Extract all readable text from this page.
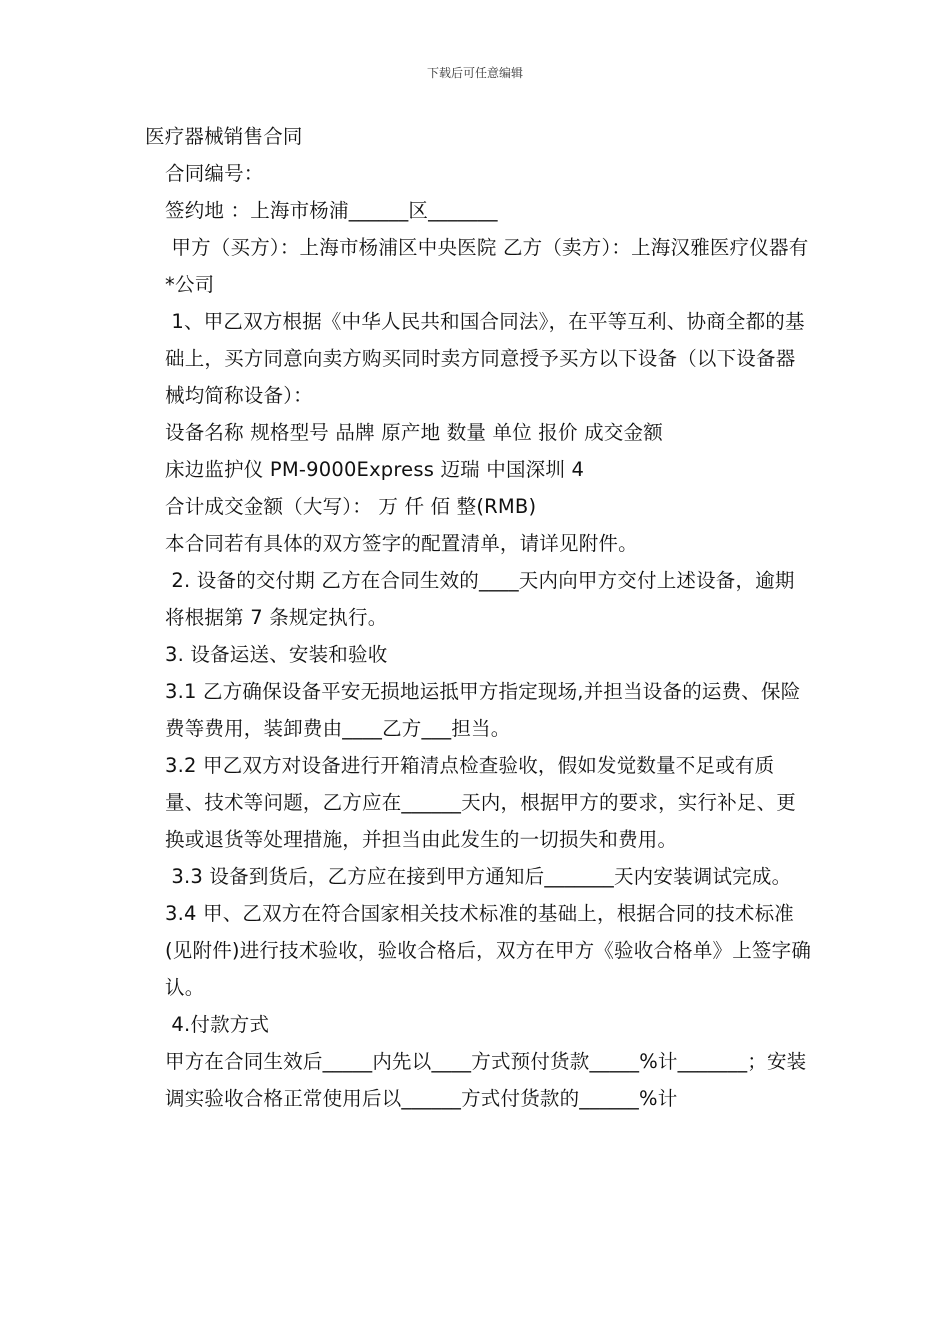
下载后可任意编辑

医疗器械销售合同

合同编号：

签约地 ：上海市杨浦______区_______

甲方（买方）：上海市杨浦区中央医院 乙方（卖方）：上海汉雅医疗仪器有*公司

1、甲乙双方根据《中华人民共和国合同法》，在平等互利、协商全都的基础上，买方同意向卖方购买同时卖方同意授予买方以下设备（以下设备器械均简称设备）：

设备名称 规格型号 品牌 原产地 数量 单位 报价 成交金额

床边监护仪 PM-9000Express 迈瑞 中国深圳 4

合计成交金额（大写）： 万 仟 佰 整(RMB)

本合同若有具体的双方签字的配置清单，请详见附件。

2. 设备的交付期 乙方在合同生效的____天内向甲方交付上述设备，逾期将根据第 7 条规定执行。

3. 设备运送、安装和验收

3.1 乙方确保设备平安无损地运抵甲方指定现场,并担当设备的运费、保险费等费用，装卸费由____乙方___担当。

3.2 甲乙双方对设备进行开箱清点检查验收，假如发觉数量不足或有质量、技术等问题，乙方应在______天内，根据甲方的要求，实行补足、更换或退货等处理措施，并担当由此发生的一切损失和费用。

3.3 设备到货后，乙方应在接到甲方通知后_______天内安装调试完成。

3.4 甲、乙双方在符合国家相关技术标准的基础上，根据合同的技术标准(见附件)进行技术验收，验收合格后，双方在甲方《验收合格单》上签字确认。

4.付款方式

甲方在合同生效后_____内先以____方式预付货款_____%计_______；安装调实验收合格正常使用后以______方式付货款的______%计
